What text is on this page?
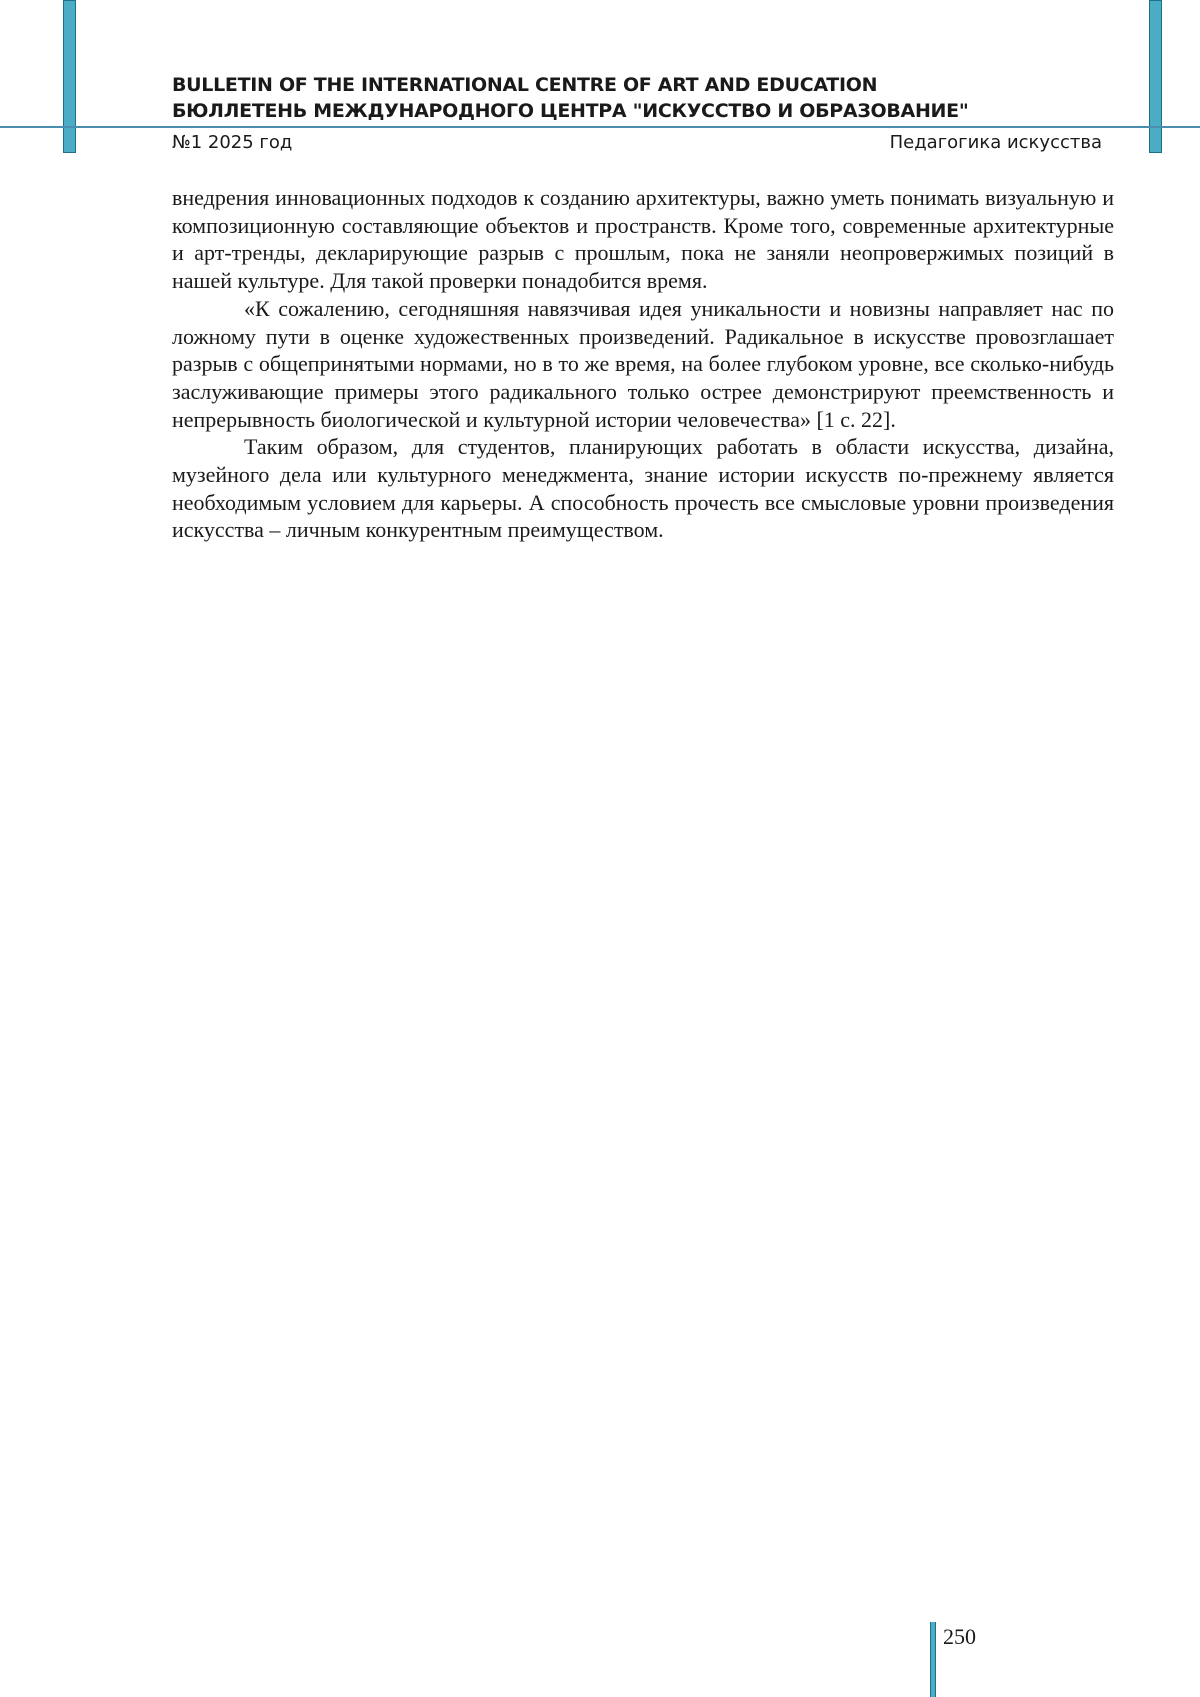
BULLETIN OF THE INTERNATIONAL CENTRE OF ART AND EDUCATION
БЮЛЛЕТЕНЬ МЕЖДУНАРОДНОГО ЦЕНТРА "ИСКУССТВО И ОБРАЗОВАНИЕ"
№1 2025 год	Педагогика искусства

внедрения инновационных подходов к созданию архитектуры, важно уметь понимать визуальную и композиционную составляющие объектов и пространств. Кроме того, современные архитектурные и арт-тренды, декларирующие разрыв с прошлым, пока не заняли неопровержимых позиций в нашей культуре. Для такой проверки понадобится время.

«К сожалению, сегодняшняя навязчивая идея уникальности и новизны направляет нас по ложному пути в оценке художественных произведений. Радикальное в искусстве провозглашает разрыв с общепринятыми нормами, но в то же время, на более глубоком уровне, все сколько-нибудь заслуживающие примеры этого радикального только острее демонстрируют преемственность и непрерывность биологической и культурной истории человечества» [1 с. 22].

Таким образом, для студентов, планирующих работать в области искусства, дизайна, музейного дела или культурного менеджмента, знание истории искусств по-прежнему является необходимым условием для карьеры. А способность прочесть все смысловые уровни произведения искусства – личным конкурентным преимуществом.

250
